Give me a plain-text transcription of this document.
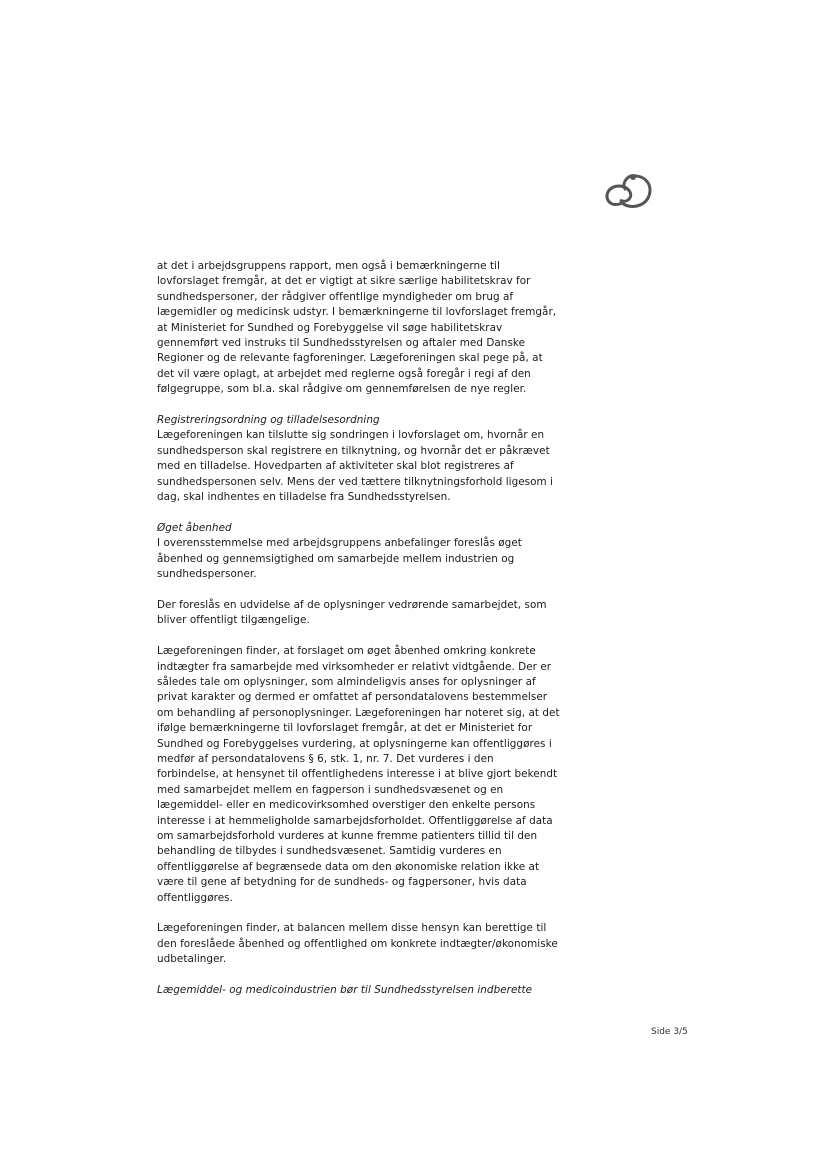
at det i arbejdsgruppens rapport, men også i bemærkningerne til
lovforslaget fremgår, at det er vigtigt at sikre særlige habilitetskrav for
sundhedspersoner, der rådgiver offentlige myndigheder om brug af
lægemidler og medicinsk udstyr. I bemærkningerne til lovforslaget fremgår,
at Ministeriet for Sundhed og Forebyggelse vil søge habilitetskrav
gennemført ved instruks til Sundhedsstyrelsen og aftaler med Danske
Regioner og de relevante fagforeninger. Lægeforeningen skal pege på, at
det vil være oplagt, at arbejdet med reglerne også foregår i regi af den
følgegruppe, som bl.a. skal rådgive om gennemførelsen de nye regler.

Registreringsordning og tilladelsesordning
Lægeforeningen kan tilslutte sig sondringen i lovforslaget om, hvornår en
sundhedsperson skal registrere en tilknytning, og hvornår det er påkrævet
med en tilladelse. Hovedparten af aktiviteter skal blot registreres af
sundhedspersonen selv. Mens der ved tættere tilknytningsforhold ligesom i
dag, skal indhentes en tilladelse fra Sundhedsstyrelsen.

Øget åbenhed
I overensstemmelse med arbejdsgruppens anbefalinger foreslås øget
åbenhed og gennemsigtighed om samarbejde mellem industrien og
sundhedspersoner.

Der foreslås en udvidelse af de oplysninger vedrørende samarbejdet, som
bliver offentligt tilgængelige.

Lægeforeningen finder, at forslaget om øget åbenhed omkring konkrete
indtægter fra samarbejde med virksomheder er relativt vidtgående. Der er
således tale om oplysninger, som almindeligvis anses for oplysninger af
privat karakter og dermed er omfattet af persondatalovens bestemmelser
om behandling af personoplysninger. Lægeforeningen har noteret sig, at det
ifølge bemærkningerne til lovforslaget fremgår, at det er Ministeriet for
Sundhed og Forebyggelses vurdering, at oplysningerne kan offentliggøres i
medfør af persondatalovens § 6, stk. 1, nr. 7. Det vurderes i den
forbindelse, at hensynet til offentlighedens interesse i at blive gjort bekendt
med samarbejdet mellem en fagperson i sundhedsvæsenet og en
lægemiddel- eller en medicovirksomhed overstiger den enkelte persons
interesse i at hemmeligholde samarbejdsforholdet. Offentliggørelse af data
om samarbejdsforhold vurderes at kunne fremme patienters tillid til den
behandling de tilbydes i sundhedsvæsenet. Samtidig vurderes en
offentliggørelse af begrænsede data om den økonomiske relation ikke at
være til gene af betydning for de sundheds- og fagpersoner, hvis data
offentliggøres.

Lægeforeningen finder, at balancen mellem disse hensyn kan berettige til
den foreslåede åbenhed og offentlighed om konkrete indtægter/økonomiske
udbetalinger.

Lægemiddel- og medicoindustrien bør til Sundhedsstyrelsen indberette

Side 3/5
